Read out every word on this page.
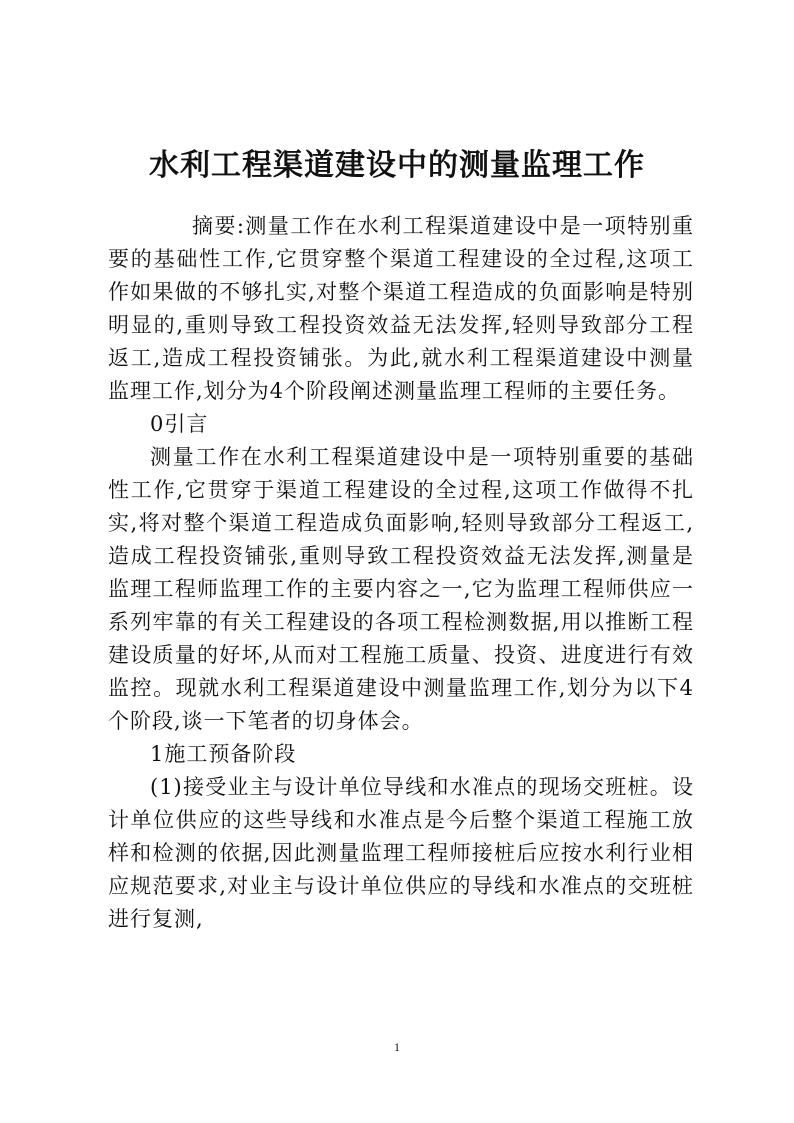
水利工程渠道建设中的测量监理工作

摘要:测量工作在水利工程渠道建设中是一项特别重要的基础性工作,它贯穿整个渠道工程建设的全过程,这项工作如果做的不够扎实,对整个渠道工程造成的负面影响是特别明显的,重则导致工程投资效益无法发挥,轻则导致部分工程返工,造成工程投资铺张。为此,就水利工程渠道建设中测量监理工作,划分为4个阶段阐述测量监理工程师的主要任务。

0引言

测量工作在水利工程渠道建设中是一项特别重要的基础性工作,它贯穿于渠道工程建设的全过程,这项工作做得不扎实,将对整个渠道工程造成负面影响,轻则导致部分工程返工,造成工程投资铺张,重则导致工程投资效益无法发挥,测量是监理工程师监理工作的主要内容之一,它为监理工程师供应一系列牢靠的有关工程建设的各项工程检测数据,用以推断工程建设质量的好坏,从而对工程施工质量、投资、进度进行有效监控。现就水利工程渠道建设中测量监理工作,划分为以下4个阶段,谈一下笔者的切身体会。

1施工预备阶段

(1)接受业主与设计单位导线和水准点的现场交班桩。设计单位供应的这些导线和水准点是今后整个渠道工程施工放样和检测的依据,因此测量监理工程师接桩后应按水利行业相应规范要求,对业主与设计单位供应的导线和水准点的交班桩进行复测,

1
